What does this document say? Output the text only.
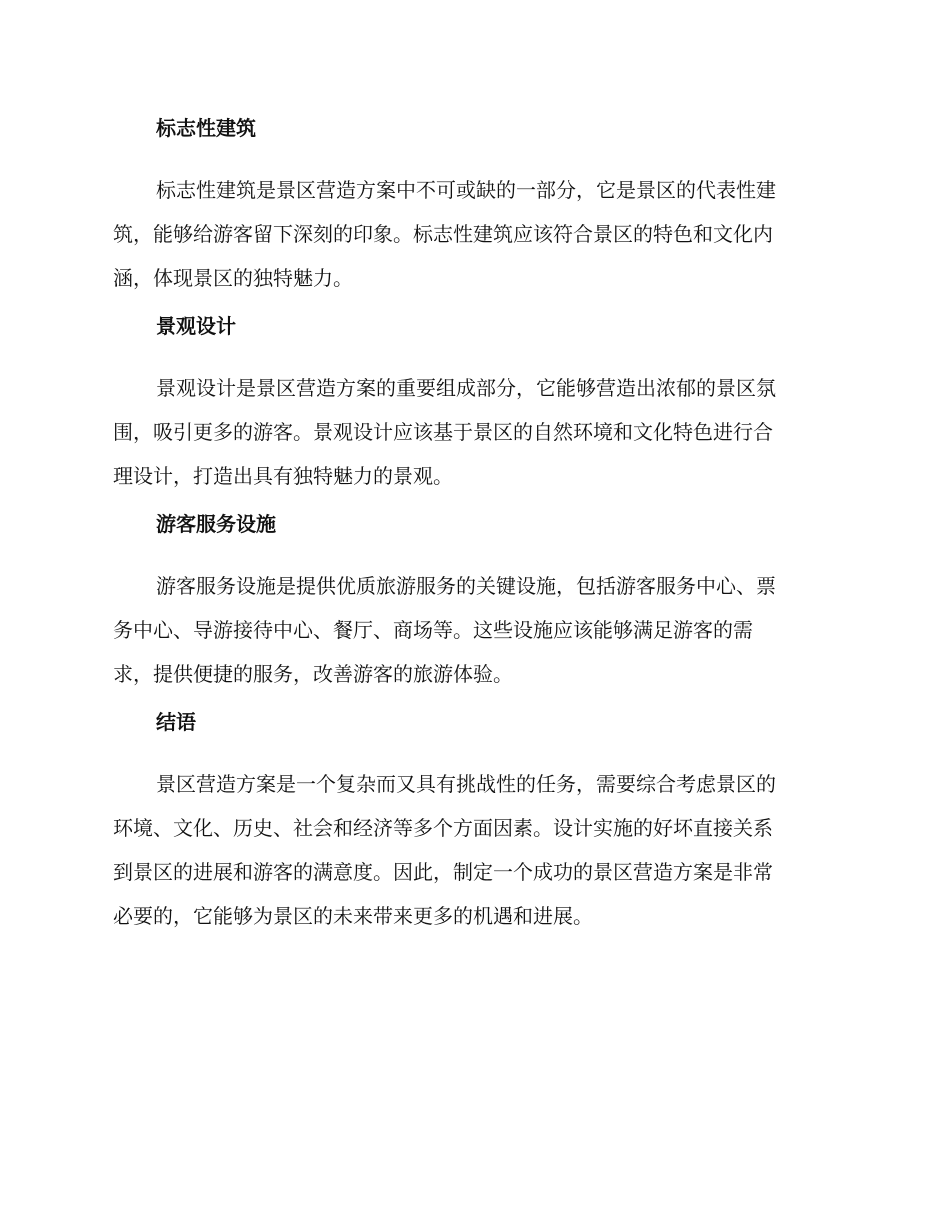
标志性建筑
标志性建筑是景区营造方案中不可或缺的一部分，它是景区的代表性建
筑，能够给游客留下深刻的印象。标志性建筑应该符合景区的特色和文化内
涵，体现景区的独特魅力。
景观设计
景观设计是景区营造方案的重要组成部分，它能够营造出浓郁的景区氛
围，吸引更多的游客。景观设计应该基于景区的自然环境和文化特色进行合
理设计，打造出具有独特魅力的景观。
游客服务设施
游客服务设施是提供优质旅游服务的关键设施，包括游客服务中心、票
务中心、导游接待中心、餐厅、商场等。这些设施应该能够满足游客的需
求，提供便捷的服务，改善游客的旅游体验。
结语
景区营造方案是一个复杂而又具有挑战性的任务，需要综合考虑景区的
环境、文化、历史、社会和经济等多个方面因素。设计实施的好坏直接关系
到景区的进展和游客的满意度。因此，制定一个成功的景区营造方案是非常
必要的，它能够为景区的未来带来更多的机遇和进展。
